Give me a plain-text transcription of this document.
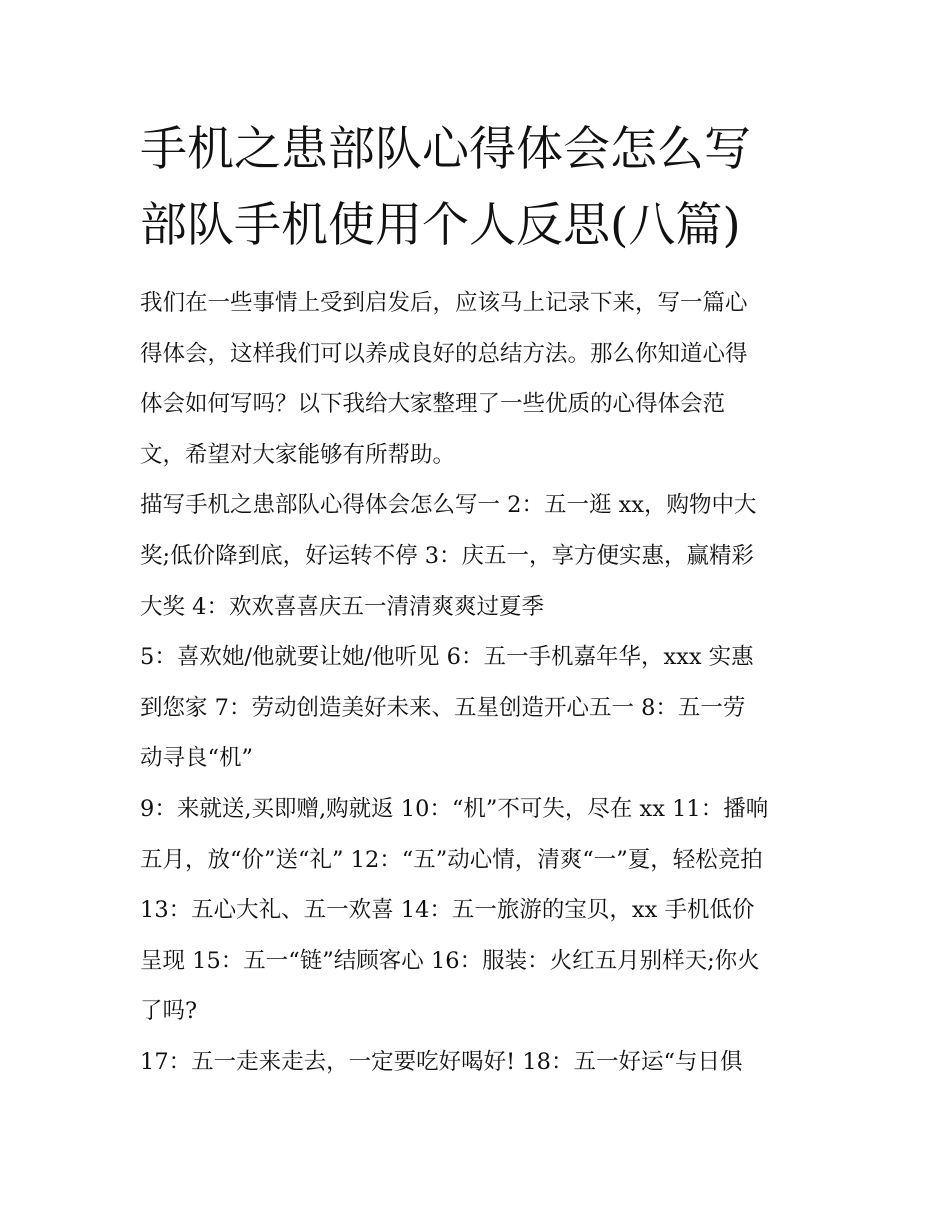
手机之患部队心得体会怎么写
部队手机使用个人反思(八篇)

我们在一些事情上受到启发后，应该马上记录下来，写一篇心
得体会，这样我们可以养成良好的总结方法。那么你知道心得
体会如何写吗？以下我给大家整理了一些优质的心得体会范
文，希望对大家能够有所帮助。

描写手机之患部队心得体会怎么写一 2：五一逛 xx，购物中大
奖;低价降到底，好运转不停 3：庆五一，享方便实惠，赢精彩
大奖 4：欢欢喜喜庆五一清清爽爽过夏季

5：喜欢她/他就要让她/他听见 6：五一手机嘉年华，xxx 实惠
到您家 7：劳动创造美好未来、五星创造开心五一 8：五一劳
动寻良“机”

9：来就送,买即赠,购就返 10：“机”不可失，尽在 xx 11：播响
五月，放“价”送“礼” 12：“五”动心情，清爽“一”夏，轻松竞拍
13：五心大礼、五一欢喜 14：五一旅游的宝贝，xx 手机低价
呈现 15：五一“链”结顾客心 16：服装：火红五月别样天;你火
了吗?

17：五一走来走去，一定要吃好喝好! 18：五一好运“与日俱
